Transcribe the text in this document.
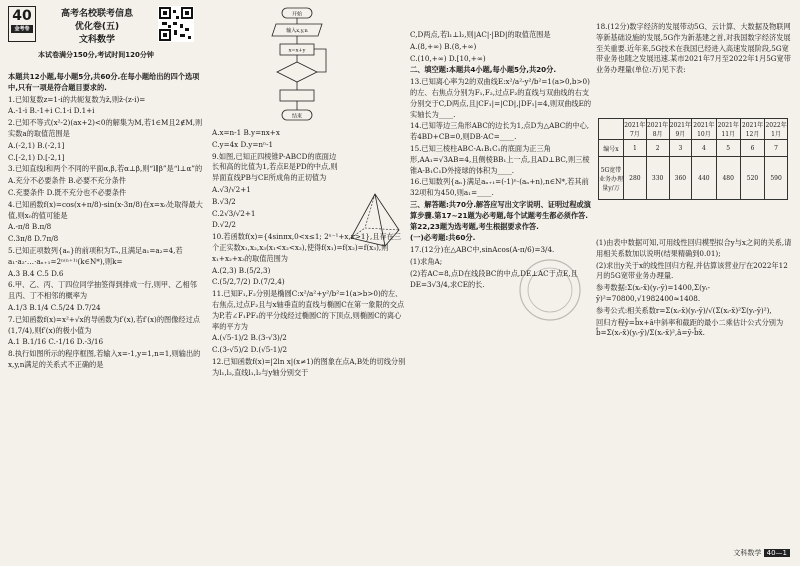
40
金考卷
高考名校联考信息
优化卷(五)
文科数学
本试卷满分150分,考试时间120分钟

本题共12小题,每小题5分,共60分.在每小题给出的四个选项中,只有一项是符合题目要求的.

1.已知复数z=1-i的共轭复数为z̄,则z̄·(z-i)=

A.-1-i B.-1+i C.1-i D.1+i

2.已知不等式(x²-2)(ax+2)<0的解集为M,若1∈M且2∉M,则实数a的取值范围是

A.(-2,1) B.(-2,1]

C.[-2,1) D.[-2,1]

3.已知直线l和两个不同的平面α,β,若α⊥β,则“l∥β”是“l⊥α”的

A.充分不必要条件 B.必要不充分条件

C.充要条件 D.既不充分也不必要条件

4.已知函数f(x)=cos(x+π/8)-sin(x-3π/8)在x=x₀处取得最大值,则x₀的值可能是

A.-π/8 B.π/8

C.3π/8 D.7π/8

5.已知正项数列{aₙ}的前项积为Tₙ,且满足a₁=a₂=4,若a₁·a₂·…·aₙ₊₁=2ⁿ⁽ⁿ⁺¹⁾(k∈N*),则k=

A.3 B.4 C.5 D.6

6.甲、乙、丙、丁四位同学抽签得到排成一行,则甲、乙相邻且丙、丁不相邻的概率为

A.1/3 B.1/4 C.5/24 D.7/24

7.已知函数f(x)=x²+√x的导函数为f′(x),若f′(x)的图像经过点(1,7/4),则f′(x)的极小值为

A.1 B.1/16 C.-1/16 D.-3/16

8.执行如图所示的程序框图,若输入x=-1,y=1,n=1,则输出的x,y,n满足的关系式不正确的是

开始
输入x,y,n
x=x+y
结束

A.x=n-1 B.y=nx+x

C.y=4x D.y=nⁿ-1

9.如图,已知正四棱锥P-ABCD的底面边长和高的比值为1,若点E是PD的中点,则异面直线PB与CE所成角的正切值为

A.√3/√2+1

B.√3/2

C.2√3/√2+1

D.√2/2

10.若函数f(x)={4sinπx,0<x≤1; 2ˣ⁻¹+x,x>1},且存在三个正实数x₁,x₂,x₃(x₁<x₂<x₃),使得f(x₁)=f(x₂)=f(x₃),则x₁+x₂+x₃的取值范围为

A.(2,3) B.(5/2,3)

C.(5/2,7/2) D.(7/2,4)

11.已知F₁,F₂分别是椭圆C:x²/a²+y²/b²=1(a>b>0)的左、右焦点,过点F₂且与x轴垂直的直线与椭圆C在第一象限的交点为P,若∠F₁PF₂的平分线经过椭圆C的下顶点,则椭圆C的离心率的平方为

A.(√5-1)/2 B.(3-√3)/2

C.(3-√5)/2 D.(√5-1)/2

12.已知函数f(x)=|2ln x|(x≠1)的图象在点A,B处的切线分别为l₁,l₂,直线l₁,l₂与y轴分别交于

C,D两点,若l₁⊥l₂,则|AC|·|BD|的取值范围是

A.(8,+∞) B.(8,+∞)

C.(10,+∞) D.[10,+∞)

二、填空题:本题共4小题,每小题5分,共20分.

13.已知离心率为2的双曲线E:x²/a²-y²/b²=1(a>0,b>0)的左、右焦点分别为F₁,F₂,过点F₂的直线与双曲线的右支分别交于C,D两点,且|CF₁|=|CD|,|DF₁|=4,则双曲线E的实轴长为____.

14.已知等边三角形ABC的边长为1,点D为△ABC的中心,若4BD+CB=0,则DB·AC=____.

15.已知三棱柱ABC-A₁B₁C₁的底面为正三角形,AA₁=√3AB=4,且侧棱BB₁上一点,且AD⊥BC,则三棱锥A-B₁C₁D外接球的体积为____.

16.已知数列{aₙ}满足aₙ₊₁=(-1)ⁿ·(aₙ+n),n∈N*,若其前32项和为450,则a₁=____.

三、解答题:共70分.解答应写出文字说明、证明过程或演算步骤.第17~21题为必考题,每个试题考生都必须作答.第22,23题为选考题,考生根据要求作答.

(一)必考题:共60分.

17.(12分)在△ABC中,sinAcos(A-π/6)=3/4.

(1)求角A;

(2)若AC=8,点D在线段BC的中点,DE⊥AC于点E,且DE=3√3/4,求CE的长.

18.(12分)数字经济的发展带动5G、云计算、大数据及物联网等新基础设施的发展,5G作为新基建之首,对我国数字经济发展至关重要.近年来,5G技术在我国已经进入高速发展阶段,5G宽带业务也随之发展迅速.某市2021年7月至2022年1月5G宽带业务办理量(单位:万)见下表:

	2021年7月	2021年8月	2021年9月	2021年10月	2021年11月	2021年12月	2022年1月
编号x	1	2	3	4	5	6	7
5G宽带业务办理量y/万	280	330	360	440	480	520	590

(1)由表中数据可知,可用线性回归模型拟合y与x之间的关系,请用相关系数加以说明(结果精确到0.01);

(2)求出y关于x的线性回归方程,并估算该营业厅在2022年12月的5G宽带业务办理量.

参考数据:Σ(xᵢ-x̄)(yᵢ-ȳ)=1400,Σ(yᵢ-ȳ)²=70800,√1982400≈1408.

参考公式:相关系数r=Σ(xᵢ-x̄)(yᵢ-ȳ)/√(Σ(xᵢ-x̄)²Σ(yᵢ-ȳ)²),

回归方程ŷ=b̂x+â中斜率和截距的最小二乘估计公式分别为b̂=Σ(xᵢ-x̄)(yᵢ-ȳ)/Σ(xᵢ-x̄)²,â=ȳ-b̂x̄.

文科数学 40—1
